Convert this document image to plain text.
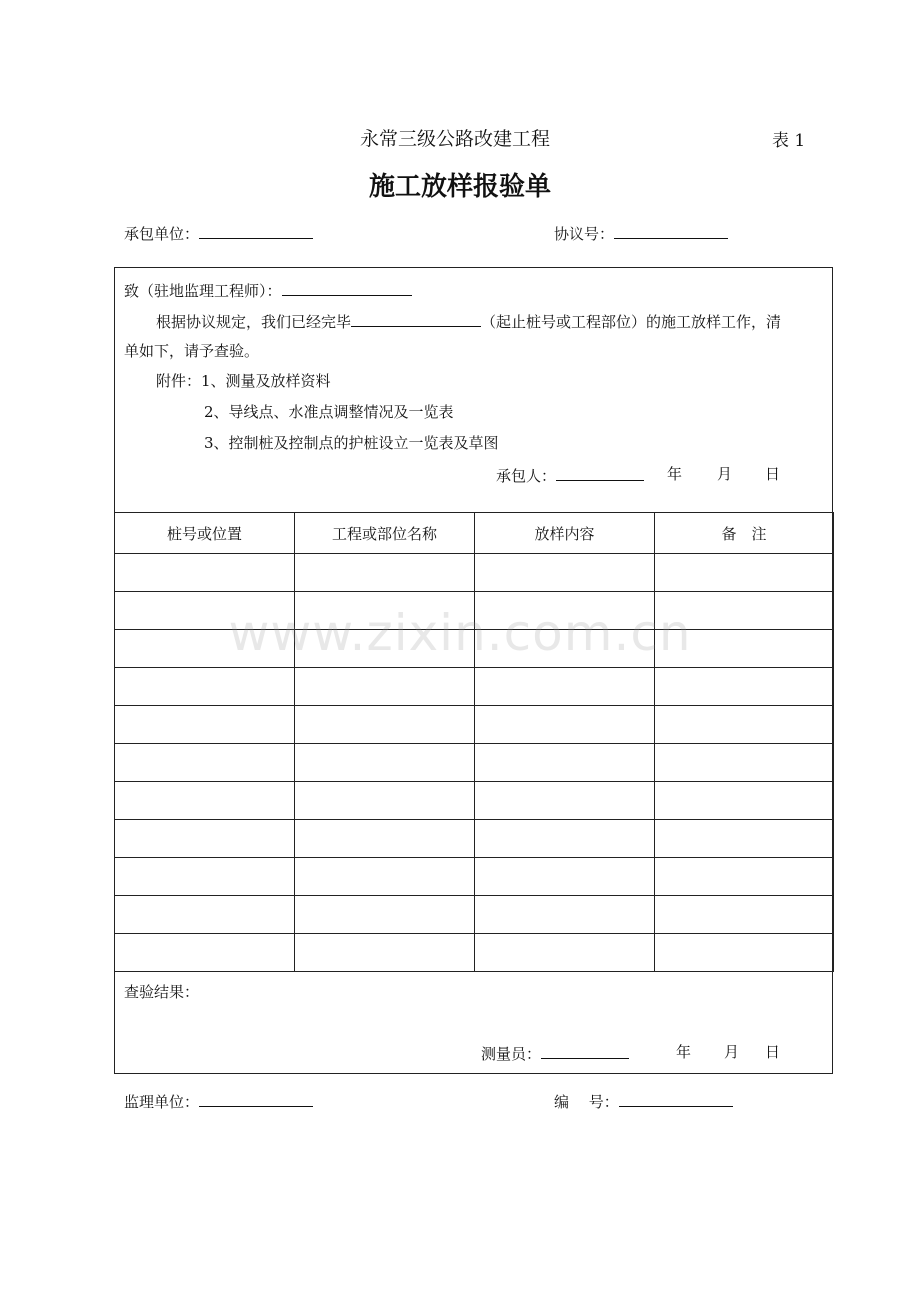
永常三级公路改建工程	表 1
施工放样报验单
承包单位：	协议号：
致（驻地监理工程师）：
根据协议规定，我们已经完毕	（起止桩号或工程部位）的施工放样工作，清
单如下，请予查验。
附件：1、测量及放样资料
2、导线点、水准点调整情况及一览表
3、控制桩及控制点的护桩设立一览表及草图
承包人：	年 月 日
桩号或位置	工程或部位名称	放样内容	备　注

查验结果：
测量员：	年 月 日
监理单位：	编　 号：
www.zixin.com.cn
